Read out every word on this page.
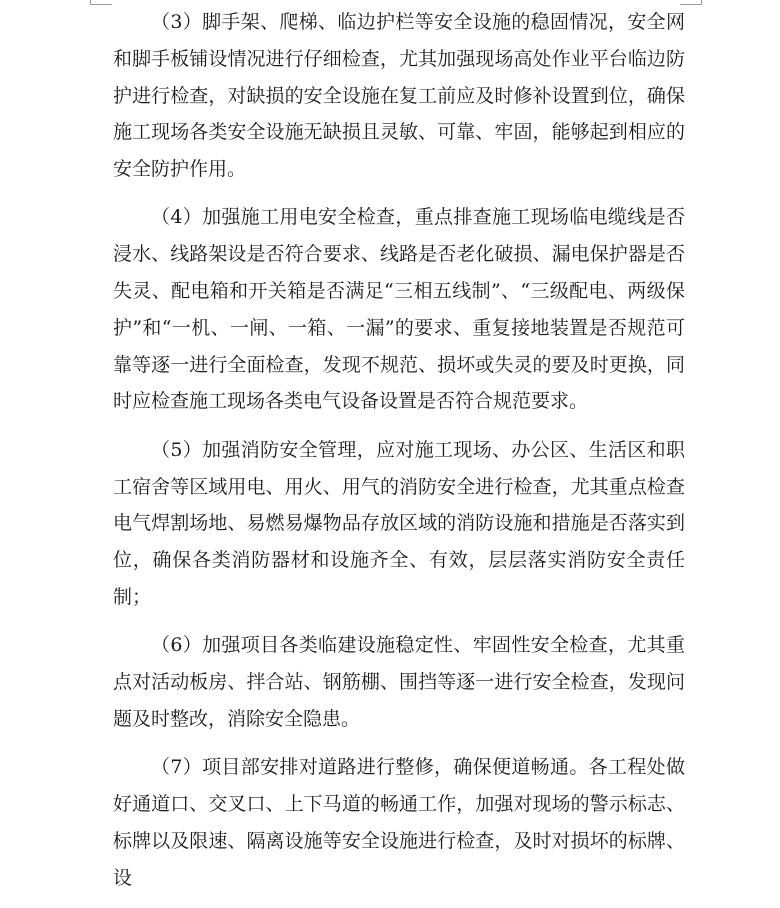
（3）脚手架、爬梯、临边护栏等安全设施的稳固情况，安全网和脚手板铺设情况进行仔细检查，尤其加强现场高处作业平台临边防护进行检查，对缺损的安全设施在复工前应及时修补设置到位，确保施工现场各类安全设施无缺损且灵敏、可靠、牢固，能够起到相应的安全防护作用。

（4）加强施工用电安全检查，重点排查施工现场临电缆线是否浸水、线路架设是否符合要求、线路是否老化破损、漏电保护器是否失灵、配电箱和开关箱是否满足“三相五线制”、“三级配电、两级保护”和“一机、一闸、一箱、一漏”的要求、重复接地装置是否规范可靠等逐一进行全面检查，发现不规范、损坏或失灵的要及时更换，同时应检查施工现场各类电气设备设置是否符合规范要求。

（5）加强消防安全管理，应对施工现场、办公区、生活区和职工宿舍等区域用电、用火、用气的消防安全进行检查，尤其重点检查电气焊割场地、易燃易爆物品存放区域的消防设施和措施是否落实到位，确保各类消防器材和设施齐全、有效，层层落实消防安全责任制；

（6）加强项目各类临建设施稳定性、牢固性安全检查，尤其重点对活动板房、拌合站、钢筋棚、围挡等逐一进行安全检查，发现问题及时整改，消除安全隐患。

（7）项目部安排对道路进行整修，确保便道畅通。各工程处做好通道口、交叉口、上下马道的畅通工作，加强对现场的警示标志、标牌以及限速、隔离设施等安全设施进行检查，及时对损坏的标牌、设
